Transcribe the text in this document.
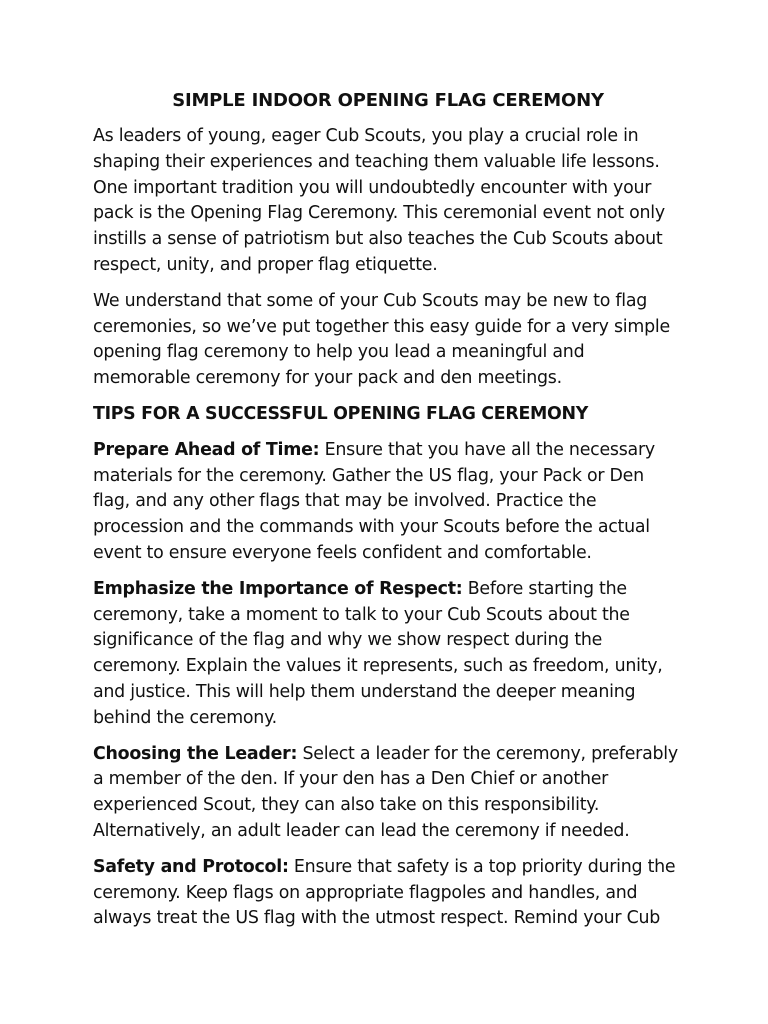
SIMPLE INDOOR OPENING FLAG CEREMONY

As leaders of young, eager Cub Scouts, you play a crucial role in shaping their experiences and teaching them valuable life lessons. One important tradition you will undoubtedly encounter with your pack is the Opening Flag Ceremony. This ceremonial event not only instills a sense of patriotism but also teaches the Cub Scouts about respect, unity, and proper flag etiquette.

We understand that some of your Cub Scouts may be new to flag ceremonies, so we’ve put together this easy guide for a very simple opening flag ceremony to help you lead a meaningful and memorable ceremony for your pack and den meetings.

TIPS FOR A SUCCESSFUL OPENING FLAG CEREMONY

Prepare Ahead of Time: Ensure that you have all the necessary materials for the ceremony. Gather the US flag, your Pack or Den flag, and any other flags that may be involved. Practice the procession and the commands with your Scouts before the actual event to ensure everyone feels confident and comfortable.

Emphasize the Importance of Respect: Before starting the ceremony, take a moment to talk to your Cub Scouts about the significance of the flag and why we show respect during the ceremony. Explain the values it represents, such as freedom, unity, and justice. This will help them understand the deeper meaning behind the ceremony.

Choosing the Leader: Select a leader for the ceremony, preferably a member of the den. If your den has a Den Chief or another experienced Scout, they can also take on this responsibility. Alternatively, an adult leader can lead the ceremony if needed.

Safety and Protocol: Ensure that safety is a top priority during the ceremony. Keep flags on appropriate flagpoles and handles, and always treat the US flag with the utmost respect. Remind your Cub
